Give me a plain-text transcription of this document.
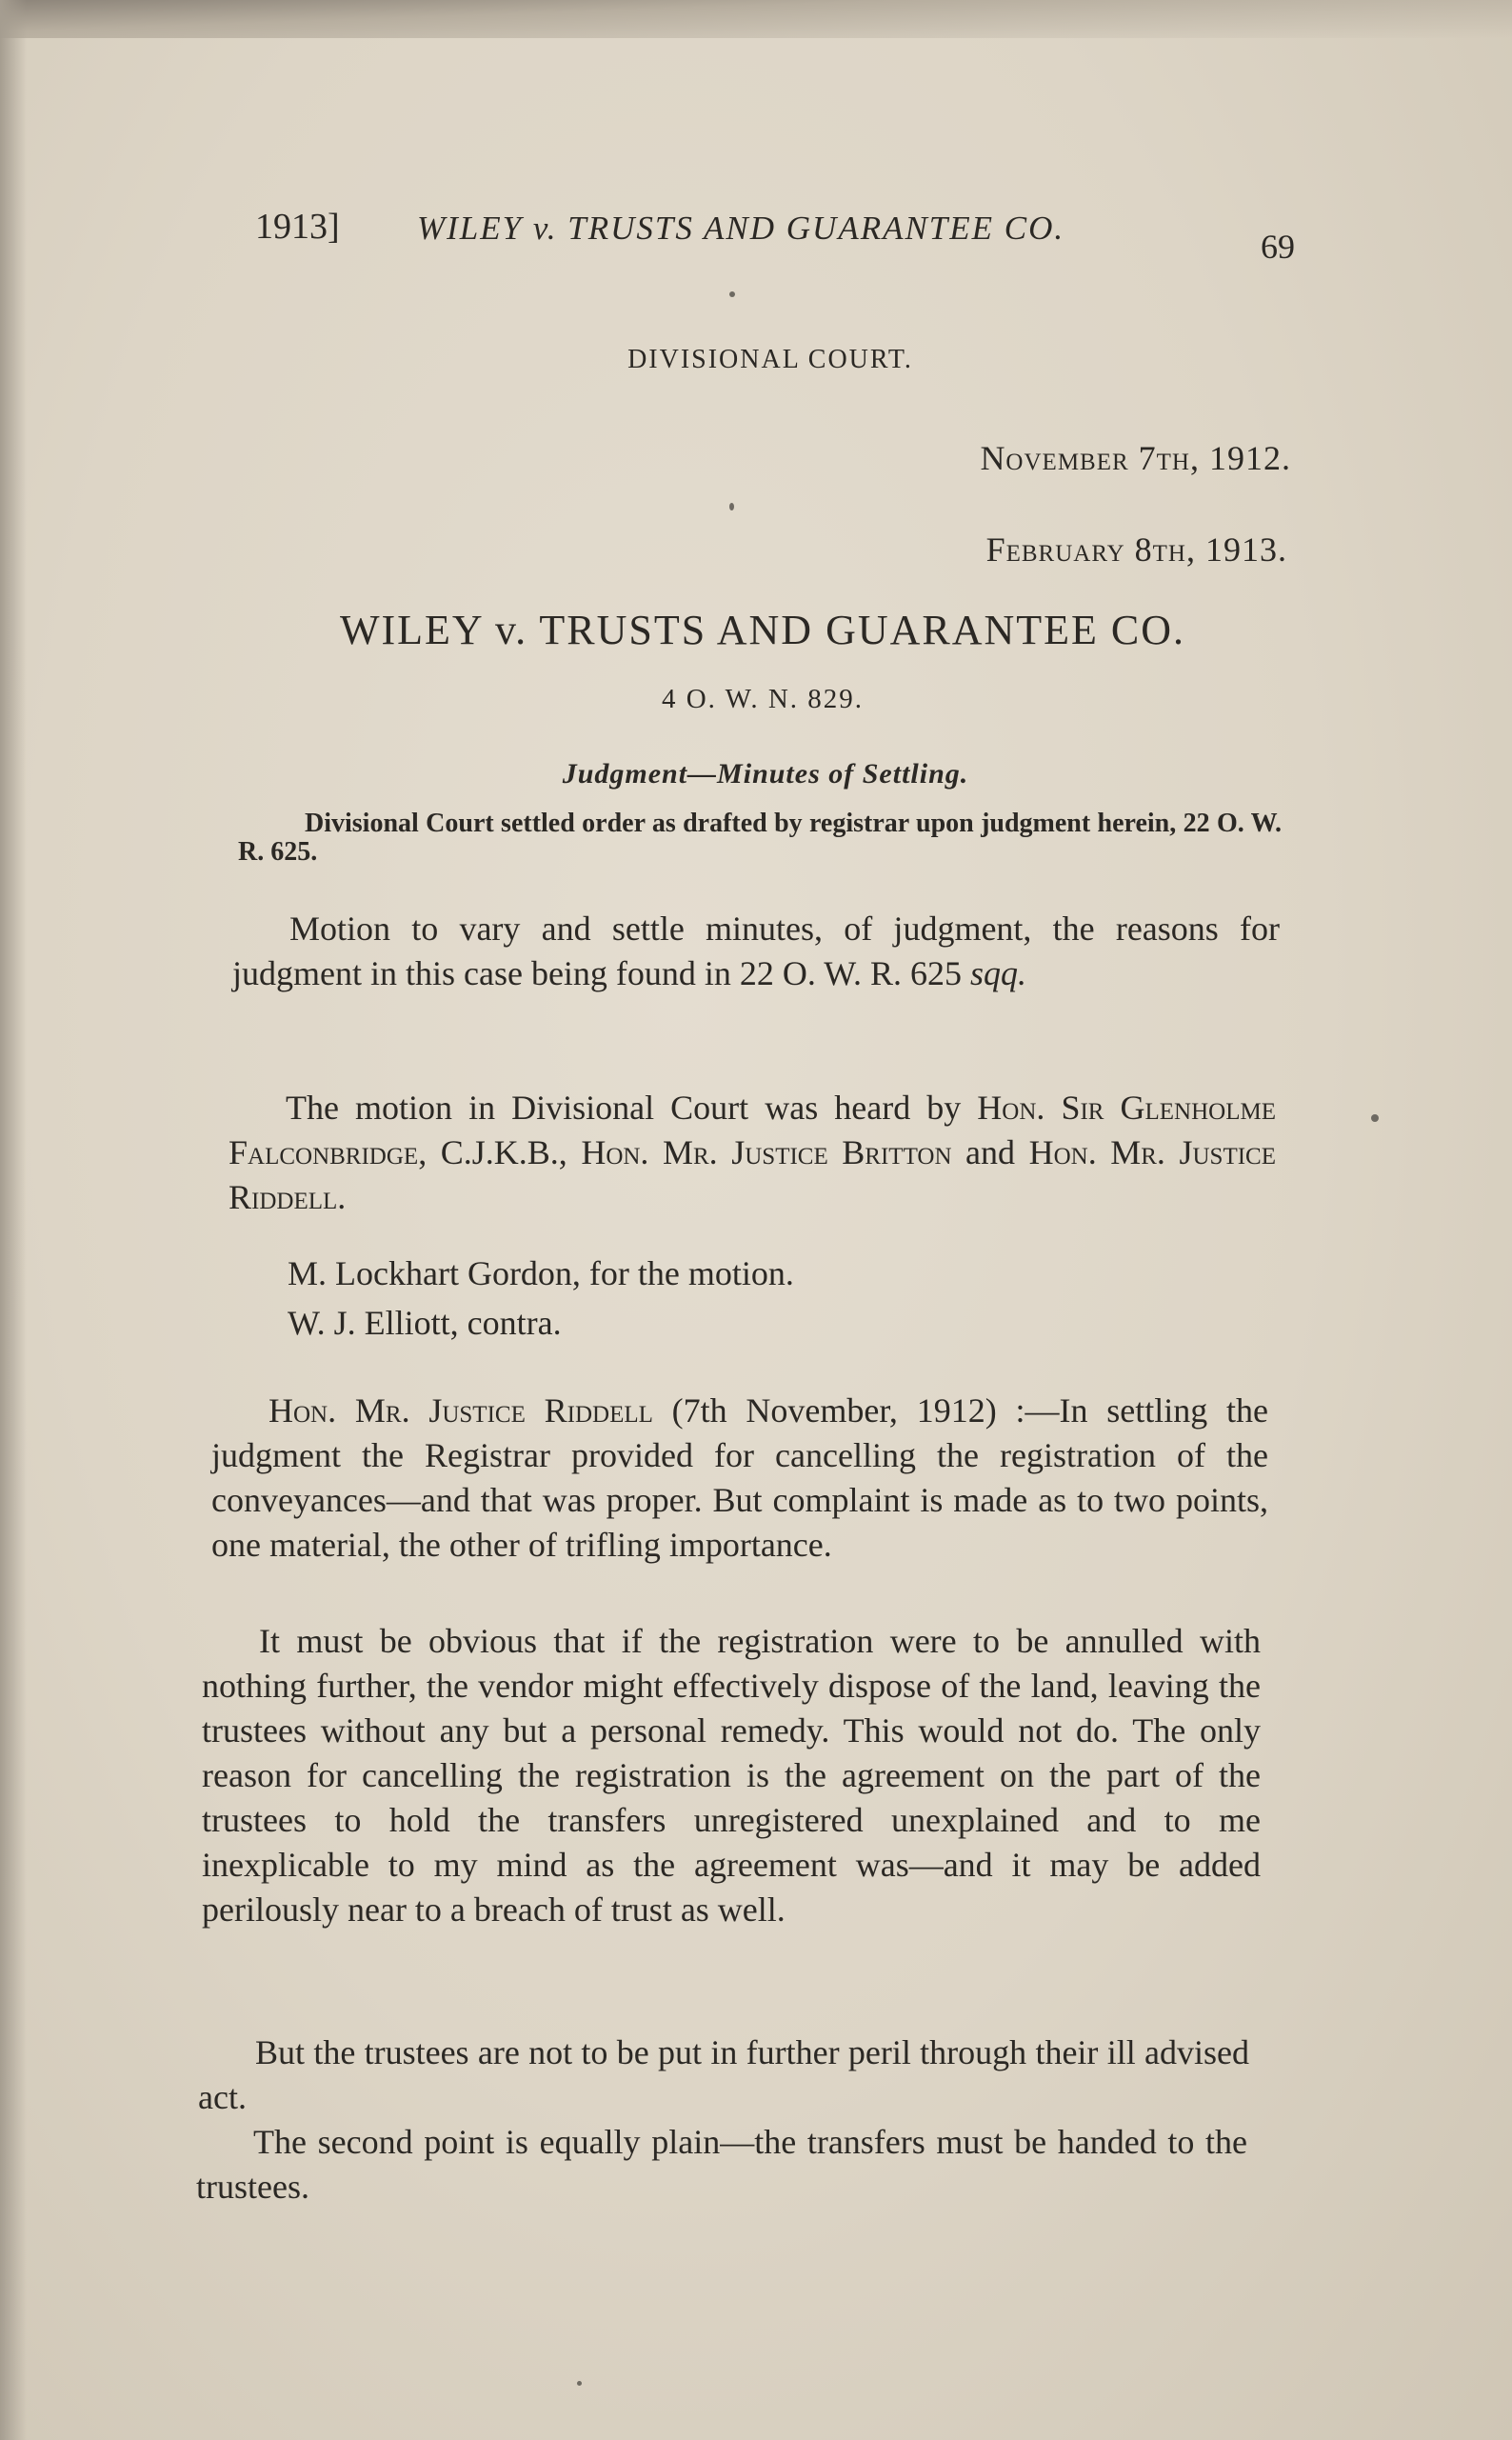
1913] WILEY v. TRUSTS AND GUARANTEE CO.	69
DIVISIONAL COURT.
November 7th, 1912.
February 8th, 1913.
WILEY v. TRUSTS AND GUARANTEE CO.
4 O. W. N. 829.
Judgment—Minutes of Settling.
Divisional Court settled order as drafted by registrar upon judgment herein, 22 O. W. R. 625.
Motion to vary and settle minutes, of judgment, the reasons for judgment in this case being found in 22 O. W. R. 625 sqq.
The motion in Divisional Court was heard by Hon. Sir Glenholme Falconbridge, C.J.K.B., Hon. Mr. Justice Britton and Hon. Mr. Justice Riddell.
M. Lockhart Gordon, for the motion.
W. J. Elliott, contra.
Hon. Mr. Justice Riddell (7th November, 1912) :—In settling the judgment the Registrar provided for cancelling the registration of the conveyances—and that was proper. But complaint is made as to two points, one material, the other of trifling importance.
It must be obvious that if the registration were to be annulled with nothing further, the vendor might effectively dispose of the land, leaving the trustees without any but a personal remedy. This would not do. The only reason for cancelling the registration is the agreement on the part of the trustees to hold the transfers unregistered unexplained and to me inexplicable to my mind as the agreement was—and it may be added perilously near to a breach of trust as well.
But the trustees are not to be put in further peril through their ill advised act.
The second point is equally plain—the transfers must be handed to the trustees.
